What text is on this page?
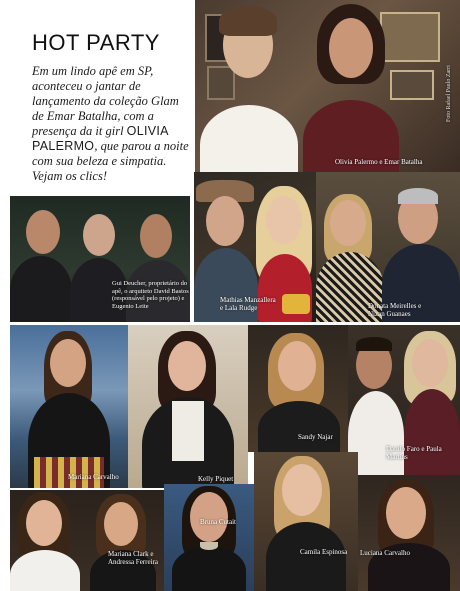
HOT PARTY
Em um lindo apê em SP, aconteceu o jantar de lançamento da coleção Glam de Emar Batalha, com a presença da it girl OLIVIA PALERMO, que parou a noite com sua beleza e simpatia. Vejam os clics!
Foto Rafael Paulo Zarri
Olivia Palermo e Emar Batalha
Gui Deucher, proprietário do apê, o arquiteto David Bastos (responsável pelo projeto) e Eugenio Leite
Mathias Manzallera e Lala Rudge	Donata Meirelles e Nizan Guanaes
Mariana Carvalho	Kelly Piquet
Sandy Najar
Danilo Faro e Paula Martins
Mariana Clark e Andressa Ferreira
Bruna Cutait
Camila Espinosa	Luciana Carvalho
